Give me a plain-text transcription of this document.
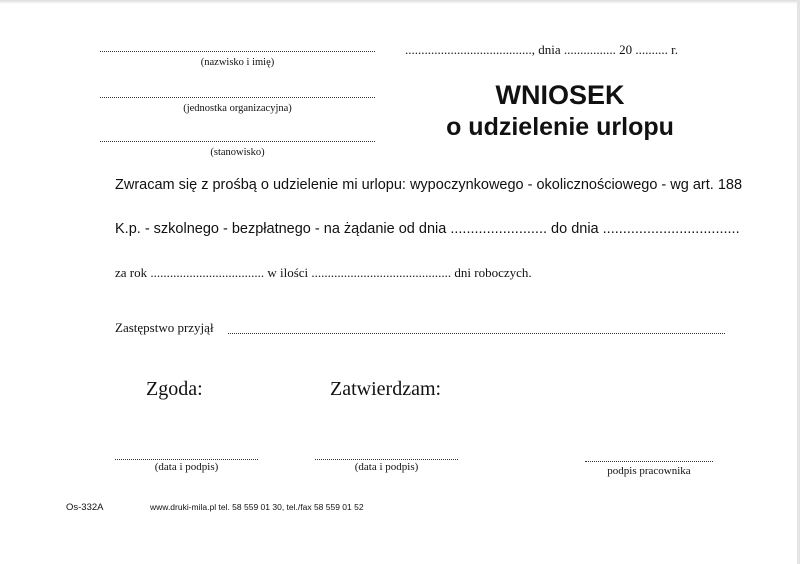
(nazwisko i imię)
(jednostka organizacyjna)
(stanowisko)
......................................., dnia ................ 20 .......... r.
WNIOSEK
o udzielenie urlopu
Zwracam się z prośbą o udzielenie mi urlopu: wypoczynkowego - okolicznościowego - wg art. 188
K.p. - szkolnego - bezpłatnego - na żądanie od dnia ........................ do dnia ..................................
za rok ................................... w ilości ........................................... dni roboczych.
Zastępstwo przyjął
Zgoda:	Zatwierdzam:
(data i podpis)	(data i podpis)	podpis pracownika
Os-332A	www.druki-mila.pl tel. 58 559 01 30, tel./fax 58 559 01 52
